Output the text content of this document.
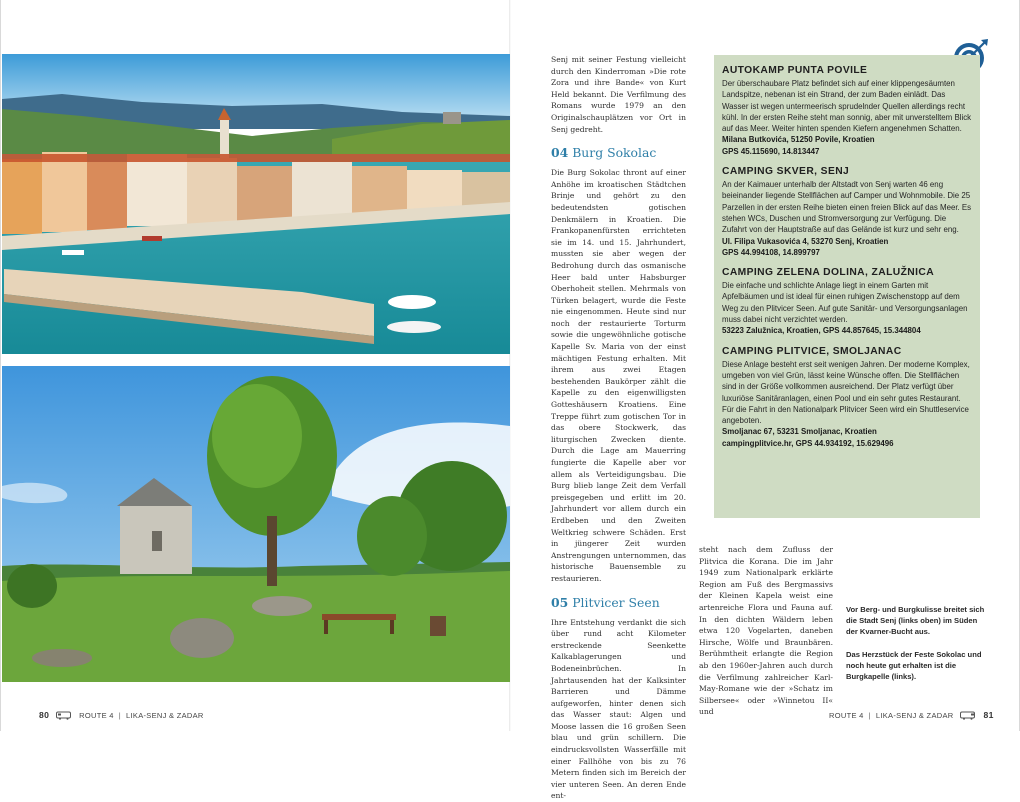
Senj mit seiner Festung vielleicht durch den Kinderroman »Die rote Zora und ihre Bande« von Kurt Held bekannt. Die Verfilmung des Romans wurde 1979 an den Originalschauplätzen vor Ort in Senj gedreht.

04 Burg Sokolac

Die Burg Sokolac thront auf einer Anhöhe im kroatischen Städtchen Brinje und gehört zu den bedeutendsten gotischen Denkmälern in Kroatien. Die Frankopanenfürsten errichteten sie im 14. und 15. Jahrhundert, mussten sie aber wegen der Bedrohung durch das osmanische Heer bald unter Habsburger Oberhoheit stellen. Mehrmals von Türken belagert, wurde die Feste nie eingenommen. Heute sind nur noch der restaurierte Torturm sowie die ungewöhnliche gotische Kapelle Sv. Maria von der einst mächtigen Festung erhalten. Mit ihrem aus zwei Etagen bestehenden Baukörper zählt die Kapelle zu den eigenwilligsten Gotteshäusern Kroatiens. Eine Treppe führt zum gotischen Tor in das obere Stockwerk, das liturgischen Zwecken diente. Durch die Lage am Mauerring fungierte die Kapelle aber vor allem als Verteidigungsbau. Die Burg blieb lange Zeit dem Verfall preisgegeben und erlitt im 20. Jahrhundert vor allem durch ein Erdbeben und den Zweiten Weltkrieg schwere Schäden. Erst in jüngerer Zeit wurden Anstrengungen unternommen, das historische Bauensemble zu restaurieren.

05 Plitvicer Seen

Ihre Entstehung verdankt die sich über rund acht Kilometer erstreckende Seenkette Kalkablagerungen und Bodeneinbrüchen. In Jahrtausenden hat der Kalksinter Barrieren und Dämme aufgeworfen, hinter denen sich das Wasser staut: Algen und Moose lassen die 16 großen Seen blau und grün schillern. Die eindrucksvollsten Wasserfälle mit einer Fallhöhe von bis zu 76 Metern finden sich im Bereich der vier unteren Seen. An deren Ende ent-

steht nach dem Zufluss der Plitvica die Korana. Die im Jahr 1949 zum Nationalpark erklärte Region am Fuß des Bergmassivs der Kleinen Kapela weist eine artenreiche Flora und Fauna auf. In den dichten Wäldern leben etwa 120 Vogelarten, daneben Hirsche, Wölfe und Braunbären. Berühmtheit erlangte die Region ab den 1960er-Jahren auch durch die Verfilmung zahlreicher Karl-May-Romane wie der »Schatz im Silbersee« oder »Winnetou II« und

AUTOKAMP PUNTA POVILE
Der überschaubare Platz befindet sich auf einer klippengesäumten Landspitze, nebenan ist ein Strand, der zum Baden einlädt. Das Wasser ist wegen untermeerisch sprudelnder Quellen allerdings recht kühl. In der ersten Reihe steht man sonnig, aber mit unverstelltem Blick auf das Meer. Weiter hinten spenden Kiefern angenehmen Schatten.
Milana Butkovića, 51250 Povile, Kroatien
GPS 45.115690, 14.813447
CAMPING SKVER, SENJ
An der Kaimauer unterhalb der Altstadt von Senj warten 46 eng beieinander liegende Stellflächen auf Camper und Wohnmobile. Die 25 Parzellen in der ersten Reihe bieten einen freien Blick auf das Meer. Es stehen WCs, Duschen und Stromversorgung zur Verfügung. Die Zufahrt von der Hauptstraße auf das Gelände ist kurz und sehr eng.
Ul. Filipa Vukasovića 4, 53270 Senj, Kroatien
GPS 44.994108, 14.899797
CAMPING ZELENA DOLINA, ZALUŽNICA
Die einfache und schlichte Anlage liegt in einem Garten mit Apfelbäumen und ist ideal für einen ruhigen Zwischenstopp auf dem Weg zu den Plitvicer Seen. Auf gute Sanitär- und Versorgungsanlagen muss dabei nicht verzichtet werden.
53223 Zalužnica, Kroatien, GPS 44.857645, 15.344804
CAMPING PLITVICE, SMOLJANAC
Diese Anlage besteht erst seit wenigen Jahren. Der moderne Komplex, umgeben von viel Grün, lässt keine Wünsche offen. Die Stellflächen sind in der Größe vollkommen ausreichend. Der Platz verfügt über luxuriöse Sanitäranlagen, einen Pool und ein sehr gutes Restaurant. Für die Fahrt in den Nationalpark Plitvicer Seen wird ein Shuttleservice angeboten.
Smoljanac 67, 53231 Smoljanac, Kroatien
campingplitvice.hr, GPS 44.934192, 15.629496

Vor Berg- und Burgkulisse breitet sich die Stadt Senj (links oben) im Süden der Kvarner-Bucht aus.

Das Herzstück der Feste Sokolac und noch heute gut erhalten ist die Burgkapelle (links).

80	ROUTE 4 | LIKA-SENJ & ZADAR	ROUTE 4 | LIKA-SENJ & ZADAR	81
